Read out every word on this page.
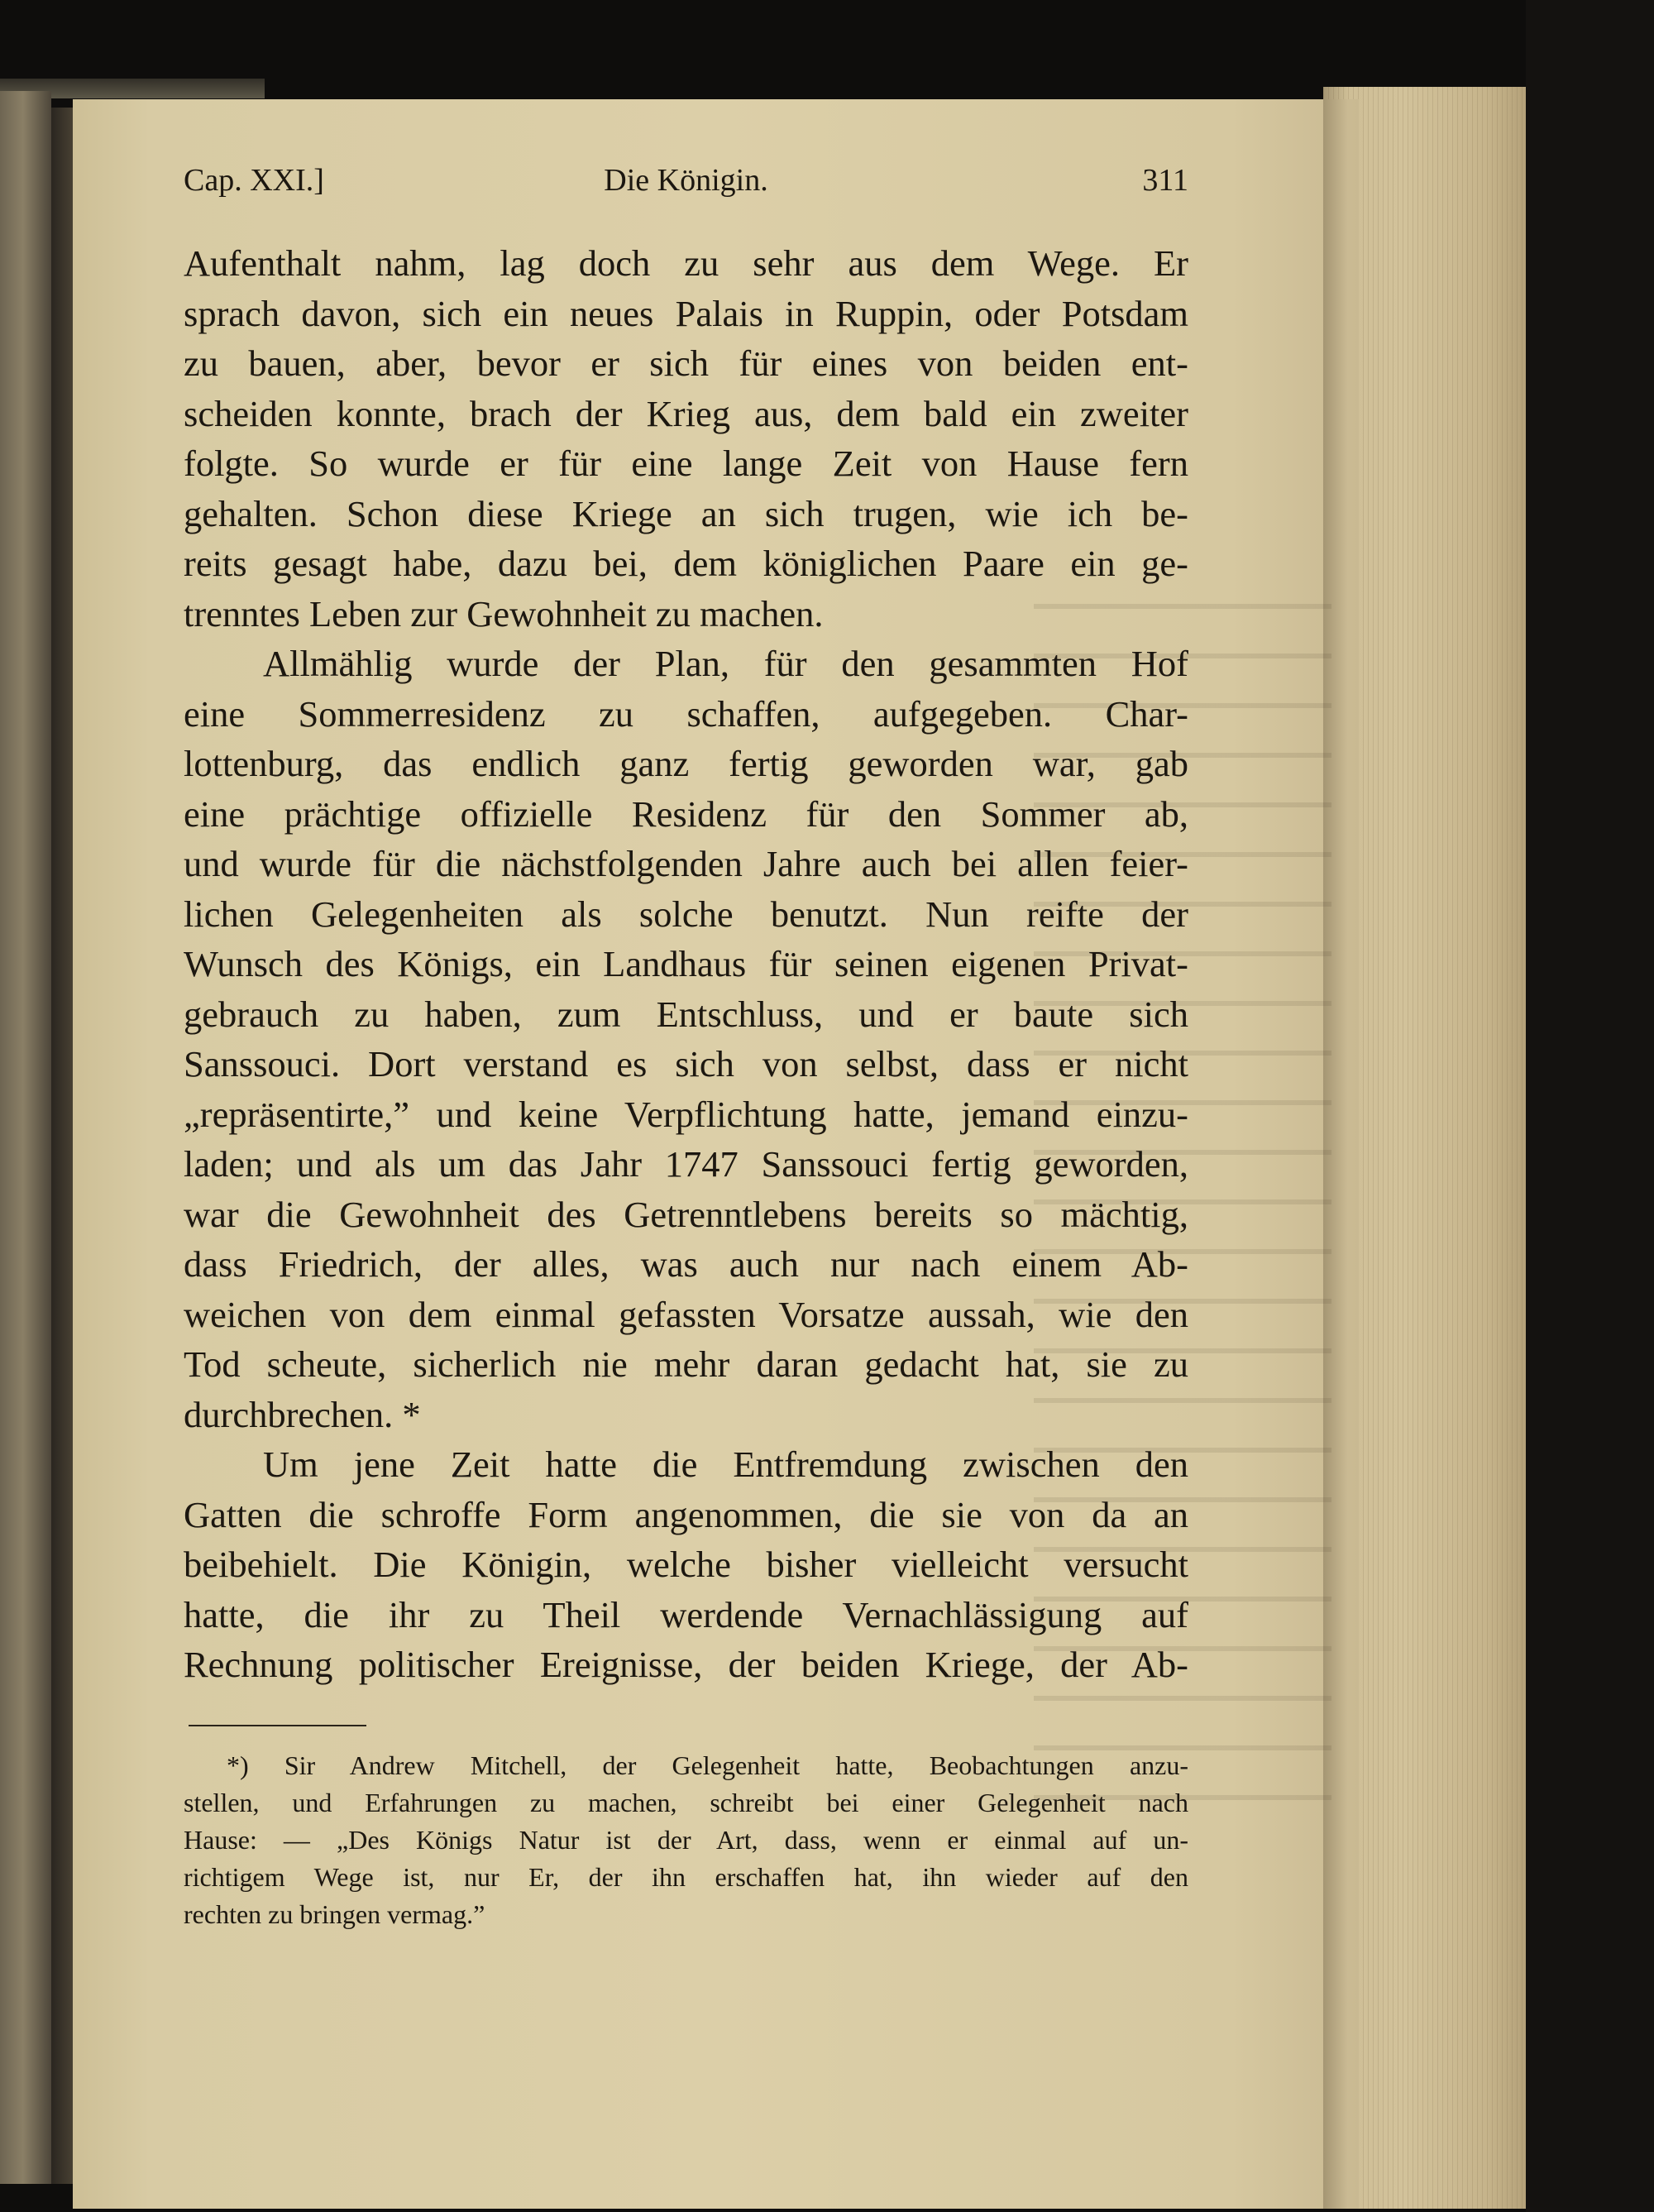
Cap. XXI.]	Die Königin.	311
Aufenthalt nahm, lag doch zu sehr aus dem Wege. Er
sprach davon, sich ein neues Palais in Ruppin, oder Potsdam
zu bauen, aber, bevor er sich für eines von beiden ent-
scheiden konnte, brach der Krieg aus, dem bald ein zweiter
folgte. So wurde er für eine lange Zeit von Hause fern
gehalten. Schon diese Kriege an sich trugen, wie ich be-
reits gesagt habe, dazu bei, dem königlichen Paare ein ge-
trenntes Leben zur Gewohnheit zu machen.
Allmählig wurde der Plan, für den gesammten Hof
eine Sommerresidenz zu schaffen, aufgegeben. Char-
lottenburg, das endlich ganz fertig geworden war, gab
eine prächtige offizielle Residenz für den Sommer ab,
und wurde für die nächstfolgenden Jahre auch bei allen feier-
lichen Gelegenheiten als solche benutzt. Nun reifte der
Wunsch des Königs, ein Landhaus für seinen eigenen Privat-
gebrauch zu haben, zum Entschluss, und er baute sich
Sanssouci. Dort verstand es sich von selbst, dass er nicht
„repräsentirte,” und keine Verpflichtung hatte, jemand einzu-
laden; und als um das Jahr 1747 Sanssouci fertig geworden,
war die Gewohnheit des Getrenntlebens bereits so mächtig,
dass Friedrich, der alles, was auch nur nach einem Ab-
weichen von dem einmal gefassten Vorsatze aussah, wie den
Tod scheute, sicherlich nie mehr daran gedacht hat, sie zu
durchbrechen. *
Um jene Zeit hatte die Entfremdung zwischen den
Gatten die schroffe Form angenommen, die sie von da an
beibehielt. Die Königin, welche bisher vielleicht versucht
hatte, die ihr zu Theil werdende Vernachlässigung auf
Rechnung politischer Ereignisse, der beiden Kriege, der Ab-
*) Sir Andrew Mitchell, der Gelegenheit hatte, Beobachtungen anzu-
stellen, und Erfahrungen zu machen, schreibt bei einer Gelegenheit nach
Hause: — „Des Königs Natur ist der Art, dass, wenn er einmal auf un-
richtigem Wege ist, nur Er, der ihn erschaffen hat, ihn wieder auf den
rechten zu bringen vermag.”
